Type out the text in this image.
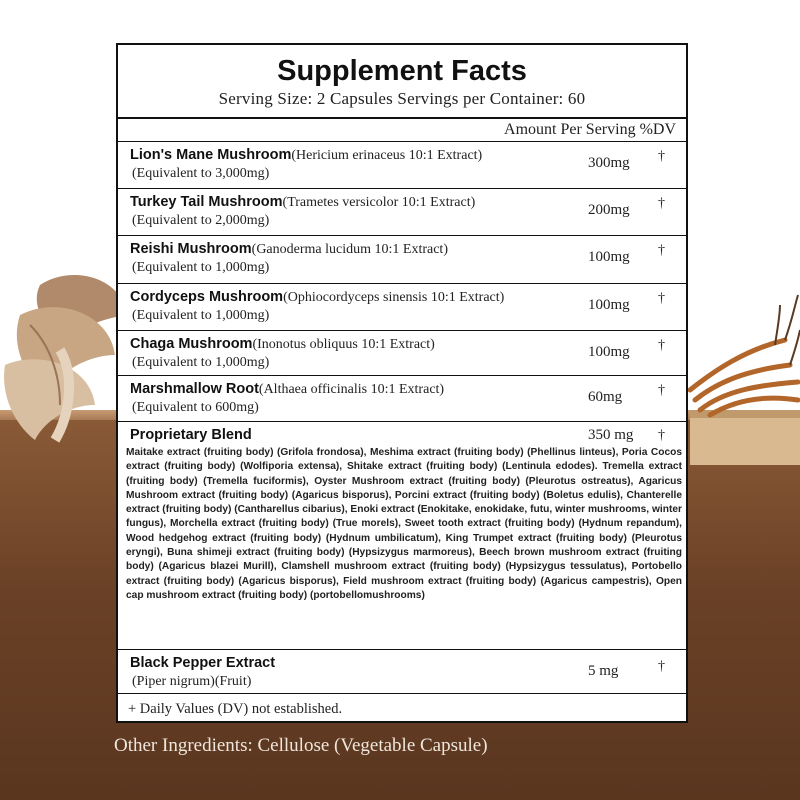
Supplement Facts
Serving Size: 2 Capsules Servings per Container: 60
Amount Per Serving %DV
Lion's Mane Mushroom(Hericium erinaceus 10:1 Extract)
(Equivalent to 3,000mg)
300mg †
Turkey Tail Mushroom(Trametes versicolor 10:1 Extract)
(Equivalent to 2,000mg)
200mg †
Reishi Mushroom(Ganoderma lucidum 10:1 Extract)
(Equivalent to 1,000mg)
100mg †
Cordyceps Mushroom(Ophiocordyceps sinensis 10:1 Extract)
(Equivalent to 1,000mg)
100mg †
Chaga Mushroom(Inonotus obliquus 10:1 Extract)
(Equivalent to 1,000mg)
100mg †
Marshmallow Root(Althaea officinalis 10:1 Extract)
(Equivalent to 600mg)
60mg	†
Proprietary Blend	350 mg †
Maitake extract (fruiting body) (Grifola frondosa), Meshima extract (fruiting body) (Phellinus linteus), Poria Cocos extract (fruiting body) (Wolfiporia extensa), Shitake extract (fruiting body) (Lentinula edodes). Tremella extract (fruiting body) (Tremella fuciformis), Oyster Mushroom extract (fruiting body) (Pleurotus ostreatus), Agaricus Mushroom extract (fruiting body) (Agaricus bisporus), Porcini extract (fruiting body) (Boletus edulis), Chanterelle extract (fruiting body) (Cantharellus cibarius), Enoki extract (Enokitake, enokidake, futu, winter mushrooms, winter fungus), Morchella extract (fruiting body) (True morels), Sweet tooth extract (fruiting body) (Hydnum repandum), Wood hedgehog extract (fruiting body) (Hydnum umbilicatum), King Trumpet extract (fruiting body) (Pleurotus eryngi), Buna shimeji extract (fruiting body) (Hypsizygus marmoreus), Beech brown mushroom extract (fruiting body) (Agaricus blazei Murill), Clamshell mushroom extract (fruiting body) (Hypsizygus tessulatus), Portobello extract (fruiting body) (Agaricus bisporus), Field mushroom extract (fruiting body) (Agaricus campestris), Open cap mushroom extract (fruiting body) (portobellomushrooms)
Black Pepper Extract
(Piper nigrum)(Fruit)
5 mg	†
+ Daily Values (DV) not established.
Other Ingredients: Cellulose (Vegetable Capsule)
